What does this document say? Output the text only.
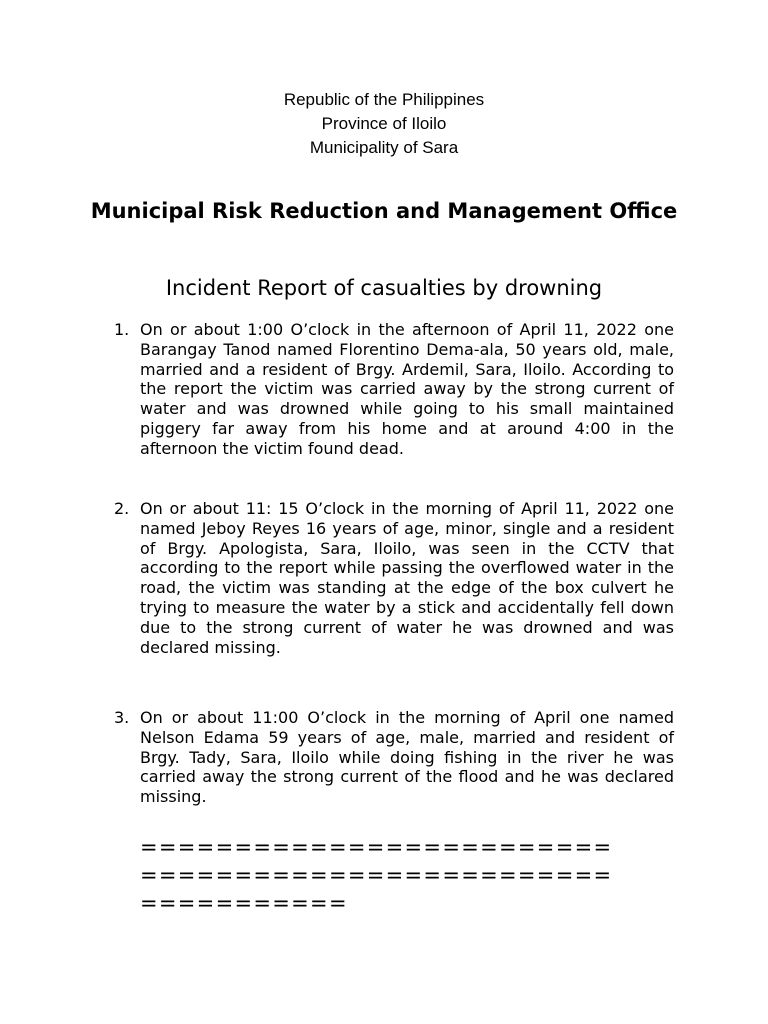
Republic of the Philippines
Province of Iloilo
Municipality of Sara
Municipal Risk Reduction and Management Office
Incident Report of casualties by drowning
1. On or about 1:00 O’clock in the afternoon of April 11, 2022 one Barangay Tanod named Florentino Dema-ala, 50 years old, male, married and a resident of Brgy. Ardemil, Sara, Iloilo. According to the report the victim was carried away by the strong current of water and was drowned while going to his small maintained piggery far away from his home and at around 4:00 in the afternoon the victim found dead.
2. On or about 11: 15 O’clock in the morning of April 11, 2022 one named Jeboy Reyes 16 years of age, minor, single and a resident of Brgy. Apologista, Sara, Iloilo, was seen in the CCTV that according to the report while passing the overflowed water in the road, the victim was standing at the edge of the box culvert he trying to measure the water by a stick and accidentally fell down due to the strong current of water he was drowned and was declared missing.
3. On or about 11:00 O’clock in the morning of April one named Nelson Edama 59 years of age, male, married and resident of Brgy. Tady, Sara, Iloilo while doing fishing in the river he was carried away the strong current of the flood and he was declared missing.
=========================
=========================
===========
